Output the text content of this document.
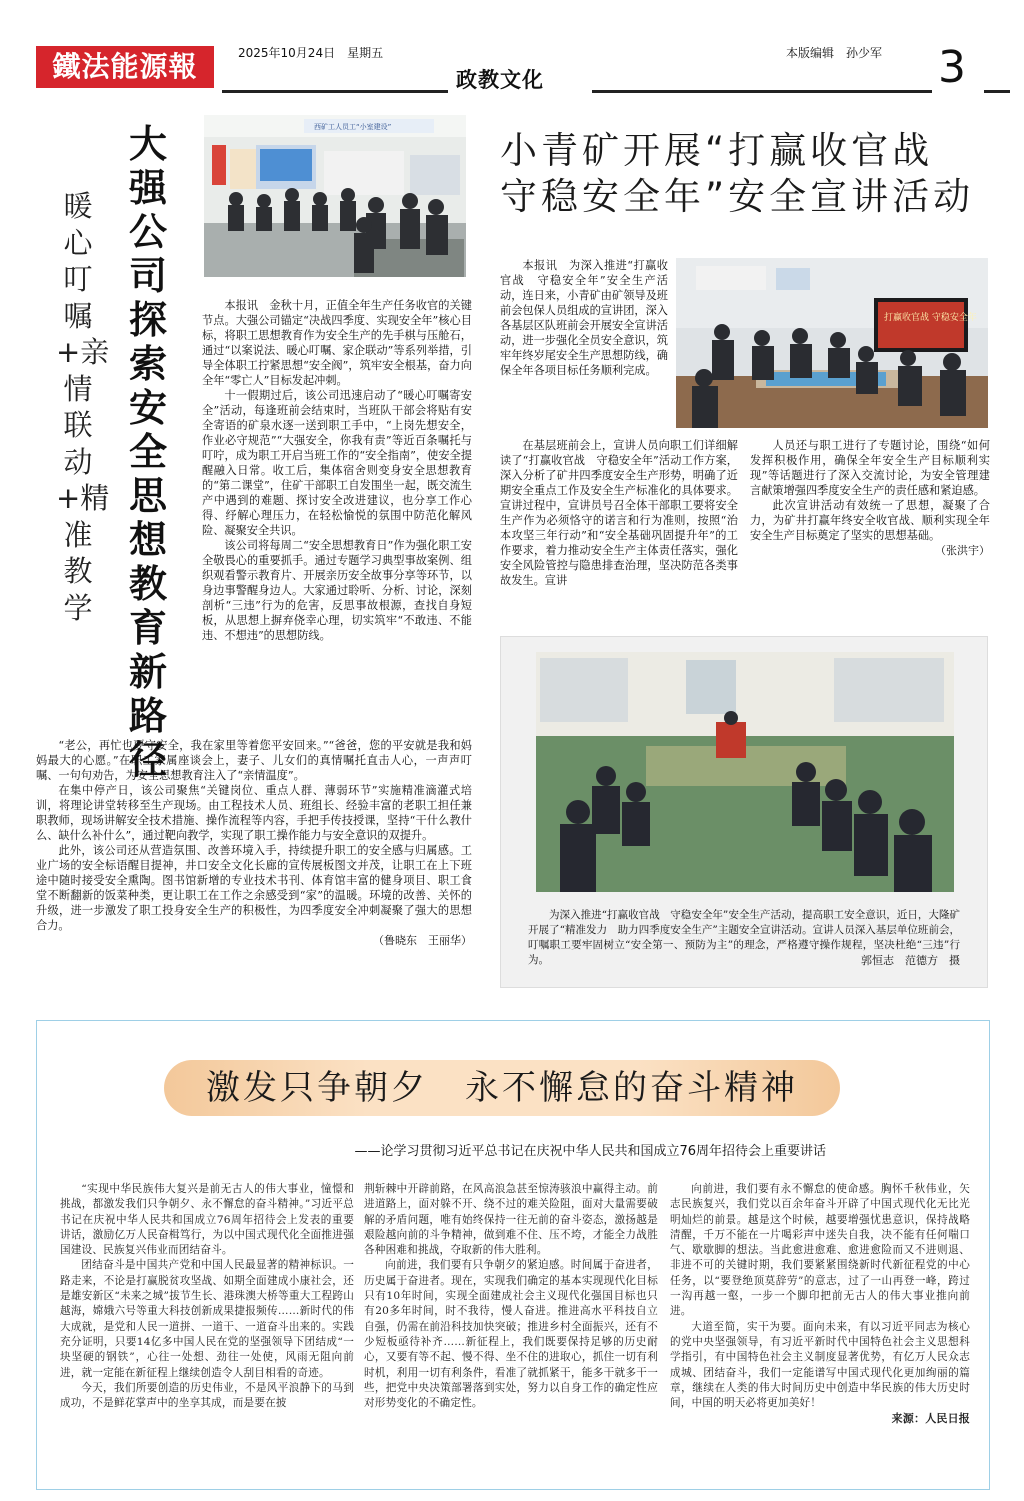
鐵法能源報	2025年10月24日　星期五	本版编辑　孙少军
政教文化	3
大强公司探索安全思想教育新路径
暖心叮嘱+亲情联动+精准教学
西矿工人员工“小室建设”

本报讯　金秋十月，正值全年生产任务收官的关键节点。大强公司锚定“决战四季度、实现安全年”核心目标，将职工思想教育作为安全生产的先手棋与压舱石，通过“以案说法、暖心叮嘱、家企联动”等系列举措，引导全体职工拧紧思想“安全阀”，筑牢安全根基，奋力向全年“零亡人”目标发起冲刺。

十一假期过后，该公司迅速启动了“暖心叮嘱寄安全”活动，每逢班前会结束时，当班队干部会将贴有安全寄语的矿泉水逐一送到职工手中，“上岗先想安全，作业必守规范”“大强安全，你我有责”等近百条嘱托与叮咛，成为职工开启当班工作的“安全指南”，使安全提醒融入日常。收工后，集体宿舍则变身安全思想教育的“第二课堂”，住矿干部职工自发围坐一起，既交流生产中遇到的难题、探讨安全改进建议，也分享工作心得、纾解心理压力，在轻松愉悦的氛围中防范化解风险、凝聚安全共识。

该公司将每周二“安全思想教育日”作为强化职工安全敬畏心的重要抓手。通过专题学习典型事故案例、组织观看警示教育片、开展亲历安全故事分享等环节，以身边事警醒身边人。大家通过聆听、分析、讨论，深刻剖析“三违”行为的危害，反思事故根源，查找自身短板，从思想上摒弃侥幸心理，切实筑牢“不敢违、不能违、不想违”的思想防线。

“老公，再忙也要守安全，我在家里等着您平安回来。”“爸爸，您的平安就是我和妈妈最大的心愿。”在职工家属座谈会上，妻子、儿女们的真情嘱托直击人心，一声声叮嘱、一句句劝告，为安全思想教育注入了“亲情温度”。

在集中停产日，该公司聚焦“关键岗位、重点人群、薄弱环节”实施精准滴灌式培训，将理论讲堂转移至生产现场。由工程技术人员、班组长、经验丰富的老职工担任兼职教师，现场讲解安全技术措施、操作流程等内容，手把手传技授课，坚持“干什么教什么、缺什么补什么”，通过靶向教学，实现了职工操作能力与安全意识的双提升。

此外，该公司还从营造氛围、改善环境入手，持续提升职工的安全感与归属感。工业广场的安全标语醒目提神，井口安全文化长廊的宣传展板图文并茂，让职工在上下班途中随时接受安全熏陶。图书馆新增的专业技术书刊、体育馆丰富的健身项目、职工食堂不断翻新的饭菜种类，更让职工在工作之余感受到“家”的温暖。环境的改善、关怀的升级，进一步激发了职工投身安全生产的积极性，为四季度安全冲刺凝聚了强大的思想合力。

（鲁晓东　王丽华）

小青矿开展“打赢收官战　守稳安全年”安全宣讲活动

本报讯　为深入推进“打赢收官战　守稳安全年”安全生产活动，连日来，小青矿由矿领导及班前会包保人员组成的宣讲团，深入各基层区队班前会开展安全宣讲活动，进一步强化全员安全意识，筑牢年终岁尾安全生产思想防线，确保全年各项目标任务顺利完成。

打赢收官战 守稳安全年

在基层班前会上，宣讲人员向职工们详细解读了“打赢收官战　守稳安全年”活动工作方案，深入分析了矿井四季度安全生产形势，明确了近期安全重点工作及安全生产标准化的具体要求。宣讲过程中，宣讲员号召全体干部职工要将安全生产作为必须恪守的诺言和行为准则，按照“治本攻坚三年行动”和“安全基础巩固提升年”的工作要求，着力推动安全生产主体责任落实，强化安全风险管控与隐患排查治理，坚决防范各类事故发生。宣讲

人员还与职工进行了专题讨论，围绕“如何发挥积极作用，确保全年安全生产目标顺利实现”等话题进行了深入交流讨论，为安全管理建言献策增强四季度安全生产的责任感和紧迫感。

此次宣讲活动有效统一了思想，凝聚了合力，为矿井打赢年终安全收官战、顺利实现全年安全生产目标奠定了坚实的思想基础。

（张洪宇）

为深入推进“打赢收官战　守稳安全年”安全生产活动，提高职工安全意识，近日，大隆矿开展了“精准发力　助力四季度安全生产”主题安全宣讲活动。宣讲人员深入基层单位班前会，叮嘱职工要牢固树立“安全第一、预防为主”的理念，严格遵守操作规程，坚决杜绝“三违”行为。	郭恒志　范德方　摄
激发只争朝夕　永不懈怠的奋斗精神
——论学习贯彻习近平总书记在庆祝中华人民共和国成立76周年招待会上重要讲话

“实现中华民族伟大复兴是前无古人的伟大事业，憧憬和挑战，都激发我们只争朝夕、永不懈怠的奋斗精神。”习近平总书记在庆祝中华人民共和国成立76周年招待会上发表的重要讲话，激励亿万人民奋楫笃行，为以中国式现代化全面推进强国建设、民族复兴伟业而团结奋斗。

团结奋斗是中国共产党和中国人民最显著的精神标识。一路走来，不论是打赢脱贫攻坚战、如期全面建成小康社会，还是雄安新区“未来之城”拔节生长、港珠澳大桥等重大工程跨山越海，嫦娥六号等重大科技创新成果捷报频传……新时代的伟大成就，是党和人民一道拼、一道干、一道奋斗出来的。实践充分证明，只要14亿多中国人民在党的坚强领导下团结成“一块坚硬的钢铁”，心往一处想、劲往一处使，风雨无阻向前进，就一定能在新征程上继续创造令人刮目相看的奇迹。

今天，我们所要创造的历史伟业，不是风平浪静下的马到成功，不是鲜花掌声中的坐享其成，而是要在披

荆斩棘中开辟前路，在风高浪急甚至惊涛骇浪中赢得主动。前进道路上，面对躲不开、绕不过的难关险阻，面对大量需要破解的矛盾问题，唯有始终保持一往无前的奋斗姿态，激扬越是艰险越向前的斗争精神，做到难不住、压不垮，才能全力战胜各种困难和挑战，夺取新的伟大胜利。

向前进，我们要有只争朝夕的紧迫感。时间属于奋进者，历史属于奋进者。现在，实现我们确定的基本实现现代化目标只有10年时间，实现全面建成社会主义现代化强国目标也只有20多年时间，时不我待，慢人奋进。推进高水平科技自立自强，仍需在前沿科技加快突破；推进乡村全面振兴，还有不少短板亟待补齐……新征程上，我们既要保持足够的历史耐心，又要有等不起、慢不得、坐不住的进取心，抓住一切有利时机，利用一切有利条件，看准了就抓紧干，能多干就多干一些，把党中央决策部署落到实处，努力以自身工作的确定性应对形势变化的不确定性。

向前进，我们要有永不懈怠的使命感。胸怀千秋伟业，矢志民族复兴，我们党以百余年奋斗开辟了中国式现代化无比光明灿烂的前景。越是这个时候，越要增强忧患意识，保持战略清醒，千万不能在一片喝彩声中迷失自我，决不能有任何喘口气、歇歇脚的想法。当此愈进愈难、愈进愈险而又不进则退、非进不可的关键时期，我们要紧紧围绕新时代新征程党的中心任务，以“要登绝顶莫辞劳”的意志，过了一山再登一峰，跨过一沟再越一壑，一步一个脚印把前无古人的伟大事业推向前进。

大道至简，实干为要。面向未来，有以习近平同志为核心的党中央坚强领导，有习近平新时代中国特色社会主义思想科学指引，有中国特色社会主义制度显著优势，有亿万人民众志成城、团结奋斗，我们一定能谱写中国式现代化更加绚丽的篇章，继续在人类的伟大时间历史中创造中华民族的伟大历史时间，中国的明天必将更加美好！

来源：人民日报
